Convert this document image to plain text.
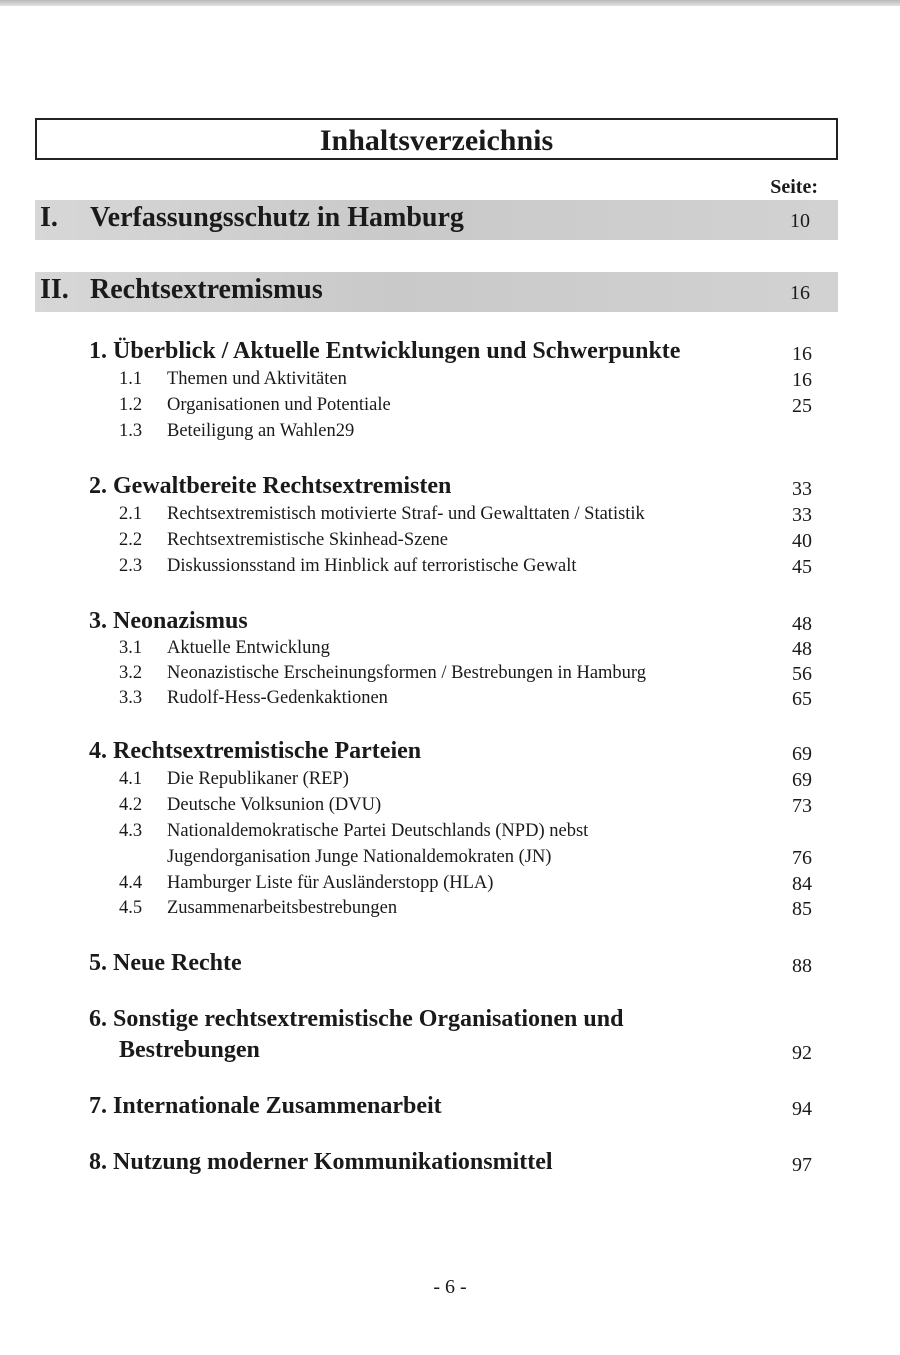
Inhaltsverzeichnis
Seite:
I. Verfassungsschutz in Hamburg	10
II. Rechtsextremismus	16
1. Überblick / Aktuelle Entwicklungen und Schwerpunkte	16
1.1 Themen und Aktivitäten	16
1.2 Organisationen und Potentiale	25
1.3 Beteiligung an Wahlen29
2. Gewaltbereite Rechtsextremisten	33
2.1 Rechtsextremistisch motivierte Straf- und Gewalttaten / Statistik	33
2.2 Rechtsextremistische Skinhead-Szene	40
2.3 Diskussionsstand im Hinblick auf terroristische Gewalt	45
3. Neonazismus	48
3.1 Aktuelle Entwicklung	48
3.2 Neonazistische Erscheinungsformen / Bestrebungen in Hamburg	56
3.3 Rudolf-Hess-Gedenkaktionen	65
4. Rechtsextremistische Parteien	69
4.1 Die Republikaner (REP)	69
4.2 Deutsche Volksunion (DVU)	73
4.3 Nationaldemokratische Partei Deutschlands (NPD) nebst
Jugendorganisation Junge Nationaldemokraten (JN)	76
4.4 Hamburger Liste für Ausländerstopp (HLA)	84
4.5 Zusammenarbeitsbestrebungen	85
5. Neue Rechte	88
6. Sonstige rechtsextremistische Organisationen und
Bestrebungen	92
7. Internationale Zusammenarbeit	94
8. Nutzung moderner Kommunikationsmittel	97
- 6 -
